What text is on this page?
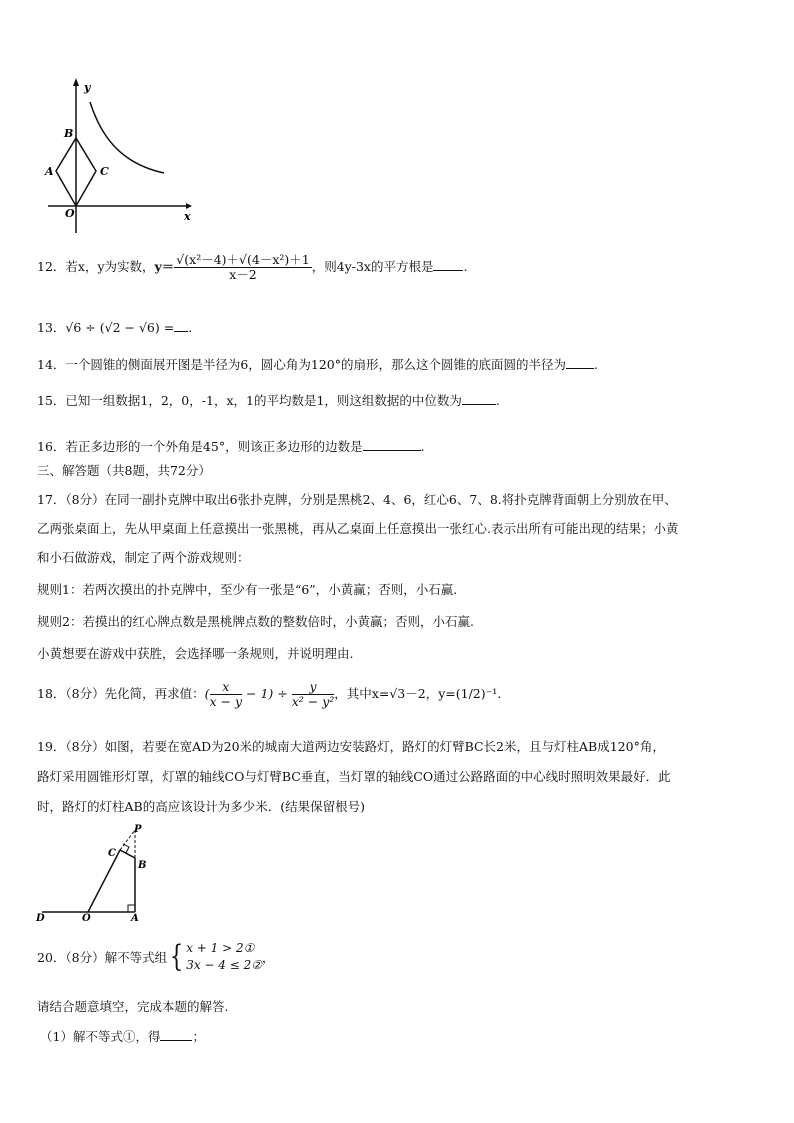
y
x
O
A
B
C
12．若x，y为实数，$y= \frac{\text{√(x²－4)＋√(4－x²)＋1}}{x-2}$ ，则4y-3x的平方根是 .
13．√6 ÷ (√2 − √6) = .
14．一个圆锥的侧面展开图是半径为6，圆心角为120°的扇形，那么这个圆锥的底面圆的半径为 .
15．已知一组数据1，2，0，-1，x，1的平均数是1，则这组数据的中位数为	.
16．若正多边形的一个外角是45°，则该正多边形的边数是	.
三、解答题（共8题，共72分）
17．（8分）在同一副扑克牌中取出6张扑克牌，分别是黑桃2、4、6，红心6、7、8.将扑克牌背面朝上分别放在甲、
乙两张桌面上，先从甲桌面上任意摸出一张黑桃，再从乙桌面上任意摸出一张红心.表示出所有可能出现的结果；小黄
和小石做游戏，制定了两个游戏规则：
规则1：若两次摸出的扑克牌中，至少有一张是“6”，小黄赢；否则，小石赢.
规则2：若摸出的红心牌点数是黑桃牌点数的整数倍时，小黄赢；否则，小石赢.
小黄想要在游戏中获胜，会选择哪一条规则，并说明理由.
18．（8分）先化简，再求值：( $\frac{x}{x - y} - 1) \div \frac{y}{\text{x² − y²}}$ ，其中x=√3－2，y=(1/2)⁻¹.
19．（8分）如图，若要在宽AD为20米的城南大道两边安装路灯，路灯的灯臂BC长2米，且与灯柱AB成120°角，
路灯采用圆锥形灯罩，灯罩的轴线CO与灯臂BC垂直，当灯罩的轴线CO通过公路路面的中心线时照明效果最好．此
时，路灯的灯柱AB的高应该设计为多少米．(结果保留根号)
P
C
B
D	O	A
20．（8分）解不等式组{ x + 1 > 2①
3x − 4 ≤ 2② ，
请结合题意填空，完成本题的解答.
（1）解不等式①，得	；
